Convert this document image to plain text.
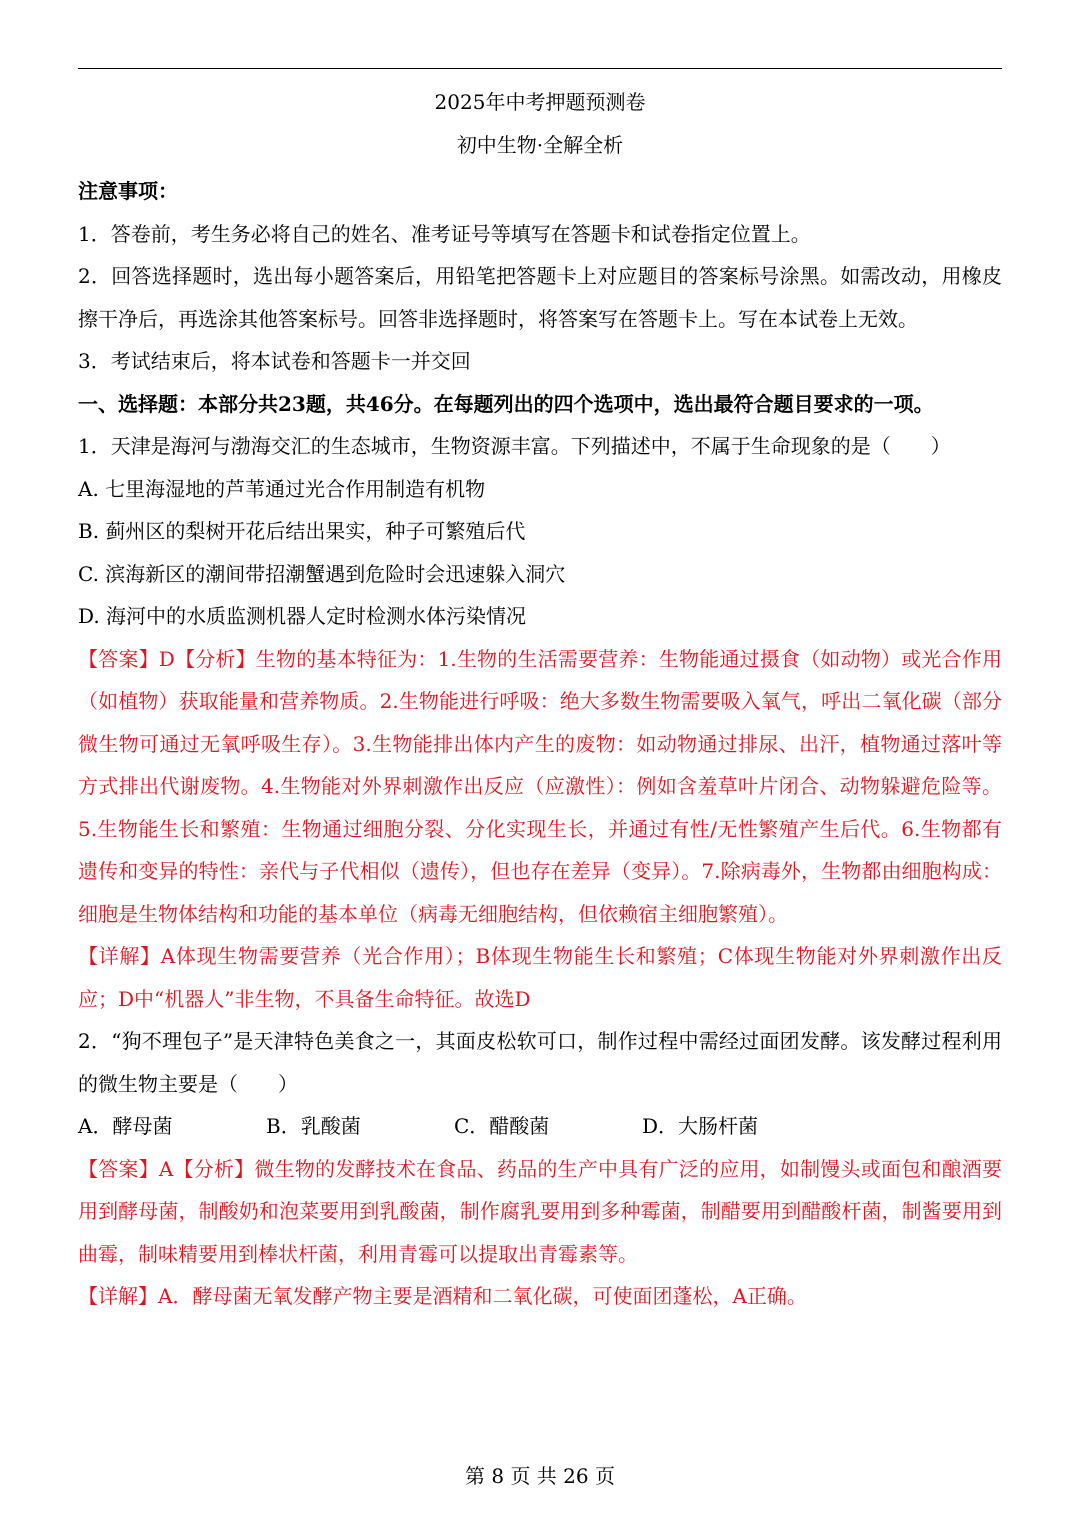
2025年中考押题预测卷
初中生物·全解全析
注意事项：
1．答卷前，考生务必将自己的姓名、准考证号等填写在答题卡和试卷指定位置上。
2．回答选择题时，选出每小题答案后，用铅笔把答题卡上对应题目的答案标号涂黑。如需改动，用橡皮擦干净后，再选涂其他答案标号。回答非选择题时，将答案写在答题卡上。写在本试卷上无效。
3．考试结束后，将本试卷和答题卡一并交回
一、选择题：本部分共23题，共46分。在每题列出的四个选项中，选出最符合题目要求的一项。
1．天津是海河与渤海交汇的生态城市，生物资源丰富。下列描述中，不属于生命现象的是（　　）
A. 七里海湿地的芦苇通过光合作用制造有机物
B. 蓟州区的梨树开花后结出果实，种子可繁殖后代
C. 滨海新区的潮间带招潮蟹遇到危险时会迅速躲入洞穴
D. 海河中的水质监测机器人定时检测水体污染情况
【答案】D【分析】生物的基本特征为：1.生物的生活需要营养：生物能通过摄食（如动物）或光合作用（如植物）获取能量和营养物质。2.生物能进行呼吸：绝大多数生物需要吸入氧气，呼出二氧化碳（部分微生物可通过无氧呼吸生存）。3.生物能排出体内产生的废物：如动物通过排尿、出汗，植物通过落叶等方式排出代谢废物。4.生物能对外界刺激作出反应（应激性）：例如含羞草叶片闭合、动物躲避危险等。5.生物能生长和繁殖：生物通过细胞分裂、分化实现生长，并通过有性/无性繁殖产生后代。6.生物都有遗传和变异的特性：亲代与子代相似（遗传），但也存在差异（变异）。7.除病毒外，生物都由细胞构成：细胞是生物体结构和功能的基本单位（病毒无细胞结构，但依赖宿主细胞繁殖）。
【详解】A体现生物需要营养（光合作用）；B体现生物能生长和繁殖；C体现生物能对外界刺激作出反应；D中“机器人”非生物，不具备生命特征。故选D
2．“狗不理包子”是天津特色美食之一，其面皮松软可口，制作过程中需经过面团发酵。该发酵过程利用的微生物主要是（　　）
A．酵母菌	B．乳酸菌	C．醋酸菌	D．大肠杆菌
【答案】A【分析】微生物的发酵技术在食品、药品的生产中具有广泛的应用，如制馒头或面包和酿酒要用到酵母菌，制酸奶和泡菜要用到乳酸菌，制作腐乳要用到多种霉菌，制醋要用到醋酸杆菌，制酱要用到曲霉，制味精要用到棒状杆菌，利用青霉可以提取出青霉素等。
【详解】A．酵母菌无氧发酵产物主要是酒精和二氧化碳，可使面团蓬松，A正确。
第 8 页 共 26 页
